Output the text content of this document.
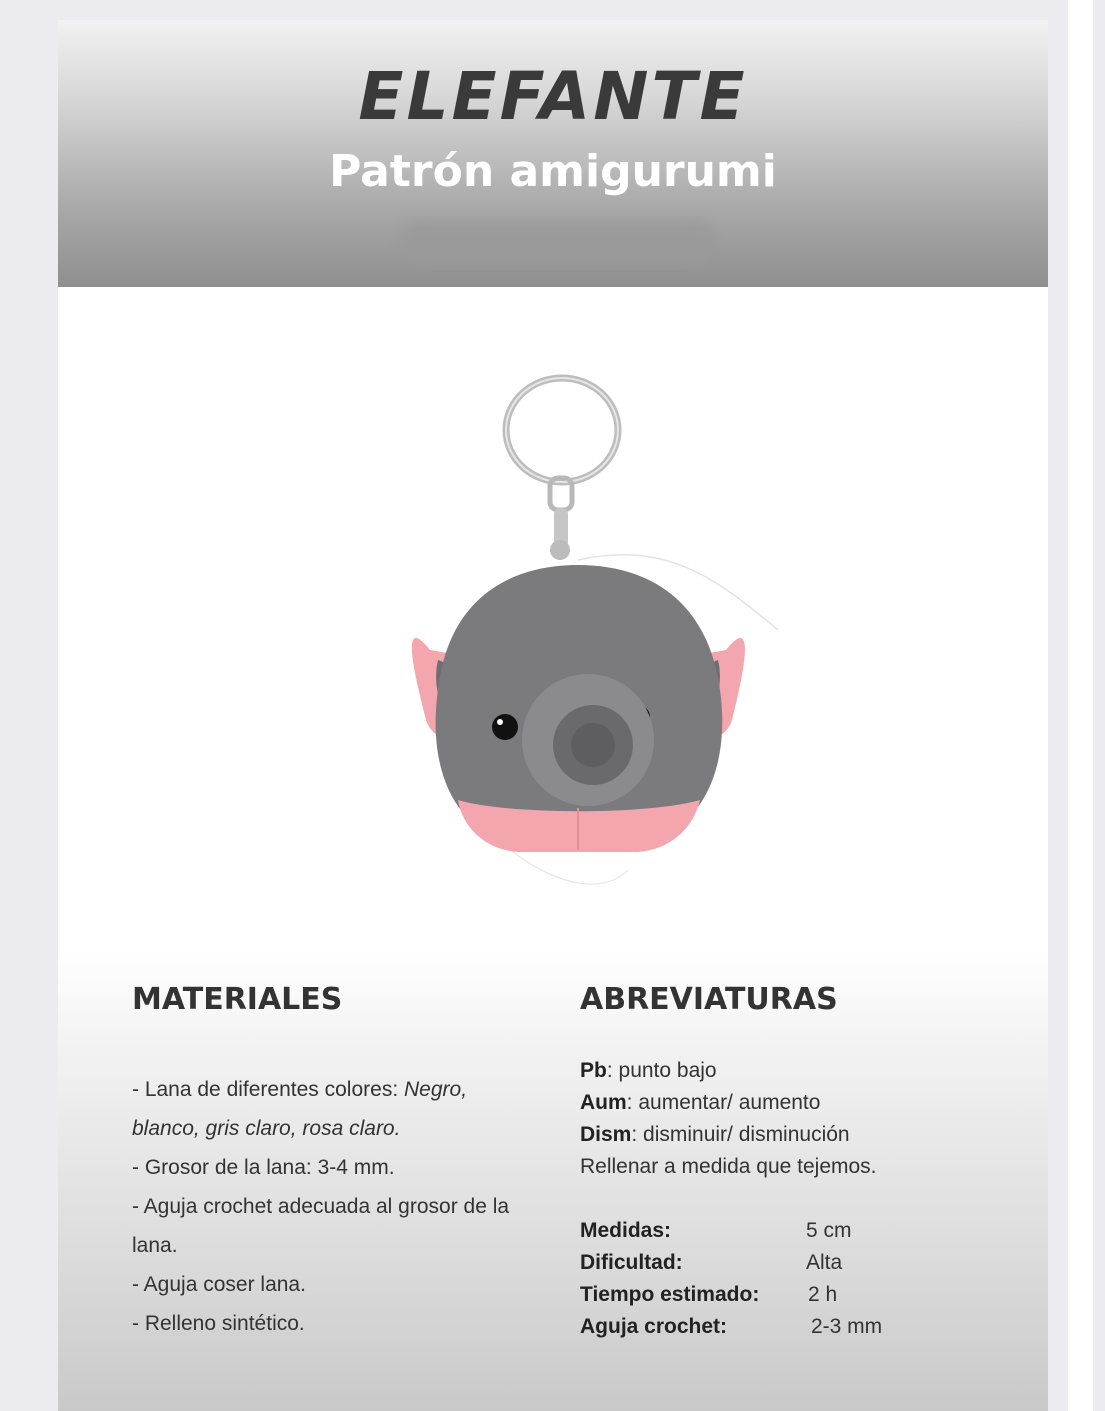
ELEFANTE
Patrón amigurumi
MATERIALES	ABREVIATURAS

- Lana de diferentes colores: Negro, blanco, gris claro, rosa claro.

- Grosor de la lana: 3-4 mm.

- Aguja crochet adecuada al grosor de la lana.

- Aguja coser lana.

- Relleno sintético.

Pb: punto bajo

Aum: aumentar/ aumento

Dism: disminuir/ disminución

Rellenar a medida que tejemos.

Medidas:	5 cm
Dificultad:	Alta
Tiempo estimado: 2 h
Aguja crochet:	2-3 mm
